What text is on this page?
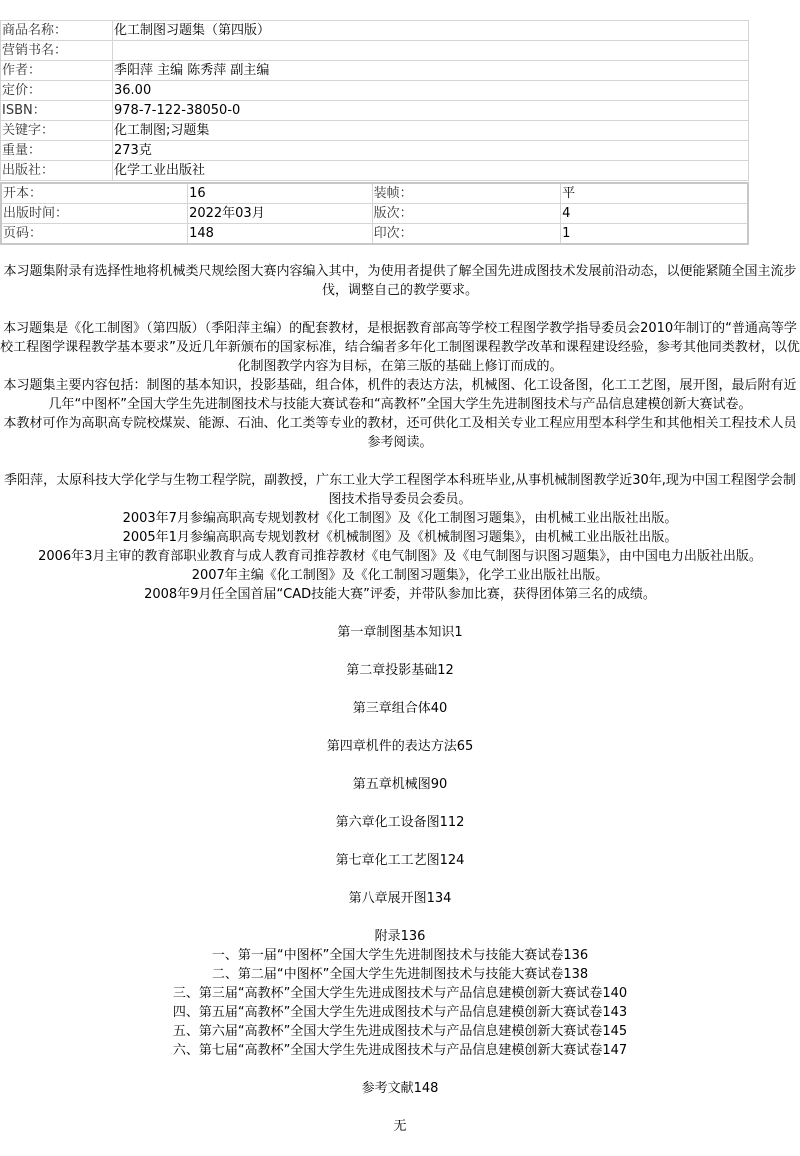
商品名称：	化工制图习题集（第四版）
营销书名：	
作者：	季阳萍 主编 陈秀萍 副主编
定价：	36.00
ISBN：	978-7-122-38050-0
关键字：	化工制图;习题集
重量：	273克
出版社：	化学工业出版社
开本：	16	装帧：	平
出版时间：	2022年03月	版次：	4
页码：	148	印次：	1

本习题集附录有选择性地将机械类尺规绘图大赛内容编入其中，为使用者提供了解全国先进成图技术发展前沿动态，以便能紧随全国主流步伐，调整自己的教学要求。

本习题集是《化工制图》（第四版）（季阳萍主编）的配套教材，是根据教育部高等学校工程图学教学指导委员会2010年制订的“普通高等学校工程图学课程教学基本要求”及近几年新颁布的国家标准，结合编者多年化工制图课程教学改革和课程建设经验，参考其他同类教材，以优化制图教学内容为目标，在第三版的基础上修订而成的。

本习题集主要内容包括：制图的基本知识，投影基础，组合体，机件的表达方法，机械图、化工设备图，化工工艺图，展开图，最后附有近几年“中图杯”全国大学生先进制图技术与技能大赛试卷和“高教杯”全国大学生先进制图技术与产品信息建模创新大赛试卷。

本教材可作为高职高专院校煤炭、能源、石油、化工类等专业的教材，还可供化工及相关专业工程应用型本科学生和其他相关工程技术人员参考阅读。

季阳萍，太原科技大学化学与生物工程学院，副教授，广东工业大学工程图学本科班毕业,从事机械制图教学近30年,现为中国工程图学会制图技术指导委员会委员。

2003年7月参编高职高专规划教材《化工制图》及《化工制图习题集》，由机械工业出版社出版。

2005年1月参编高职高专规划教材《机械制图》及《机械制图习题集》，由机械工业出版社出版。

2006年3月主审的教育部职业教育与成人教育司推荐教材《电气制图》及《电气制图与识图习题集》，由中国电力出版社出版。

2007年主编《化工制图》及《化工制图习题集》，化学工业出版社出版。

2008年9月任全国首届“CAD技能大赛”评委，并带队参加比赛，获得团体第三名的成绩。

第一章制图基本知识1

第二章投影基础12

第三章组合体40

第四章机件的表达方法65

第五章机械图90

第六章化工设备图112

第七章化工工艺图124

第八章展开图134

附录136

一、第一届“中图杯”全国大学生先进制图技术与技能大赛试卷136

二、第二届“中图杯”全国大学生先进制图技术与技能大赛试卷138

三、第三届“高教杯”全国大学生先进成图技术与产品信息建模创新大赛试卷140

四、第五届“高教杯”全国大学生先进成图技术与产品信息建模创新大赛试卷143

五、第六届“高教杯”全国大学生先进成图技术与产品信息建模创新大赛试卷145

六、第七届“高教杯”全国大学生先进成图技术与产品信息建模创新大赛试卷147

参考文献148

无
